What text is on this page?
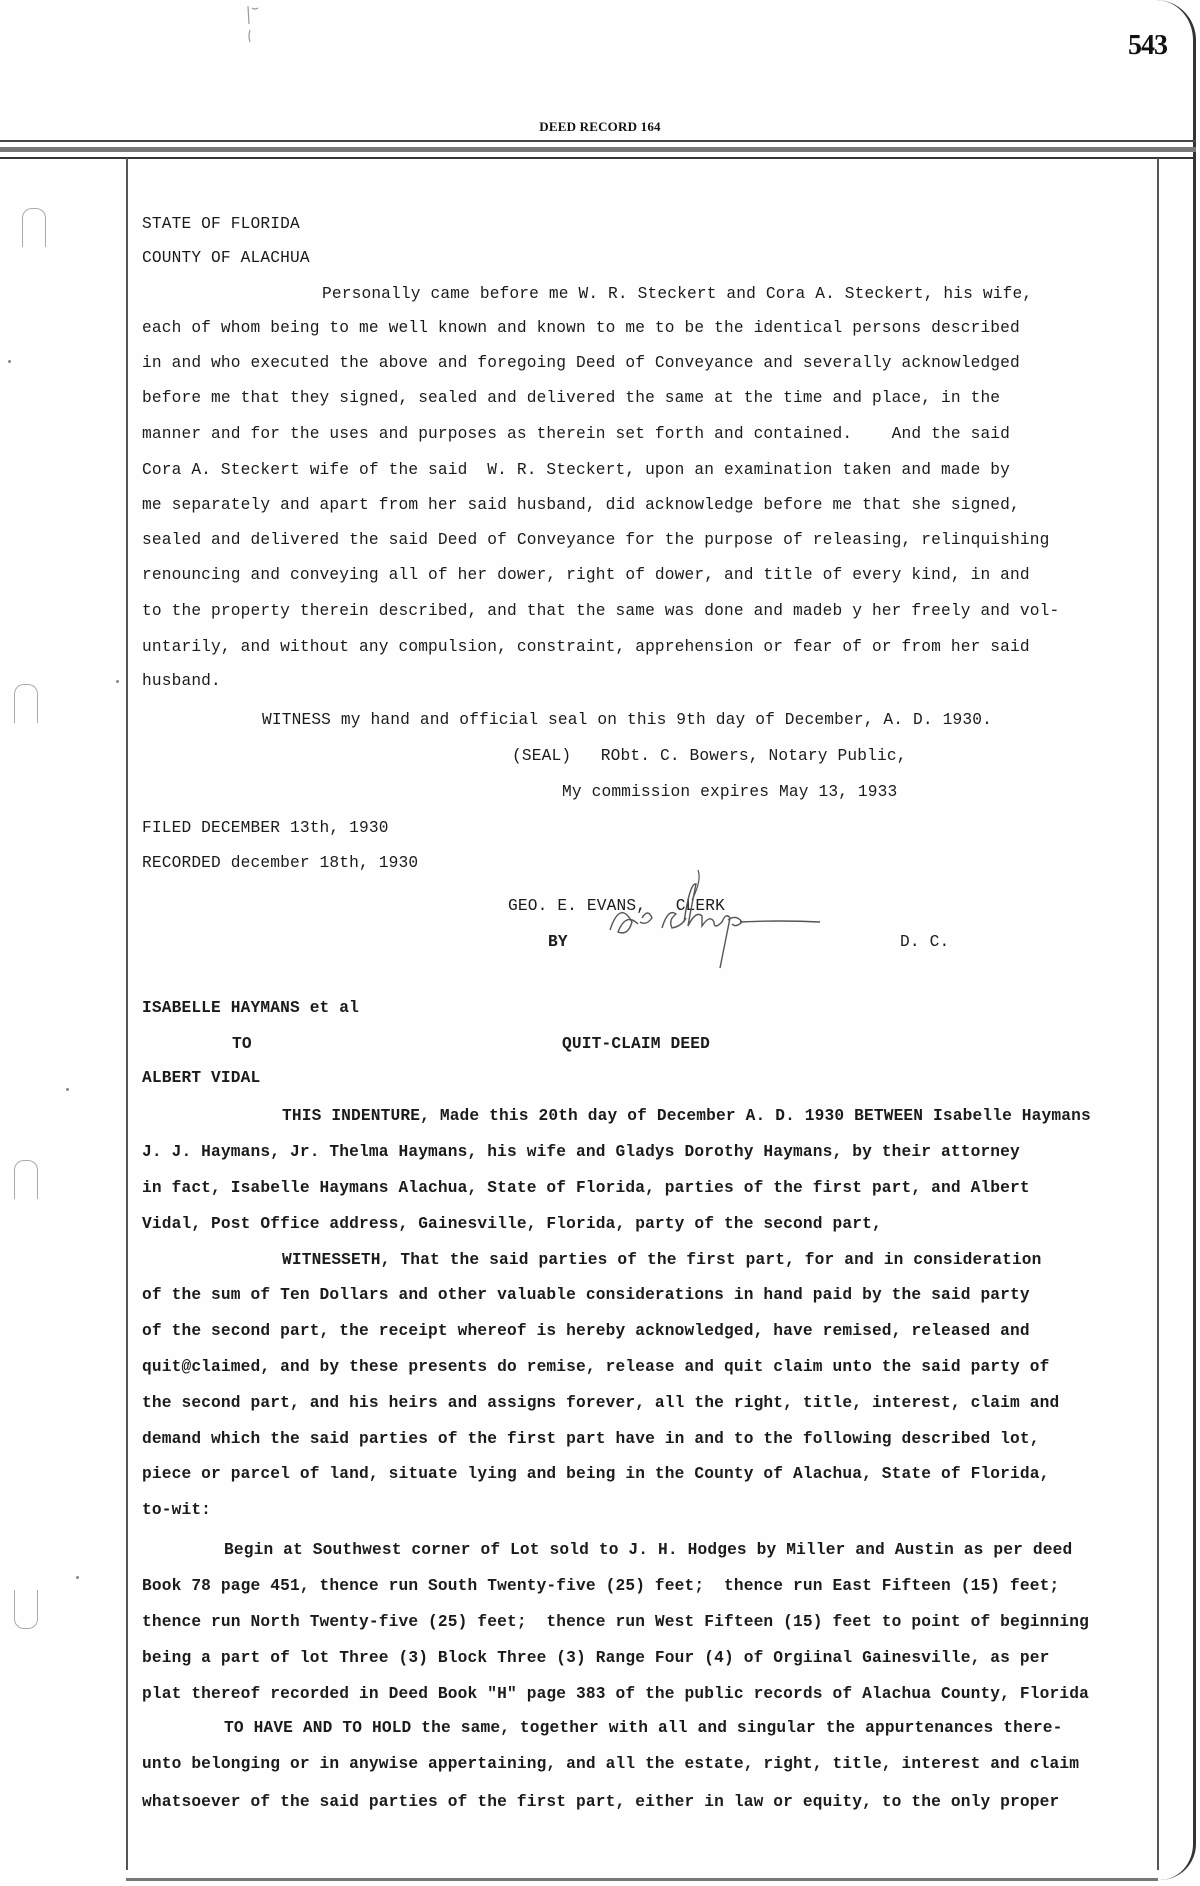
543
DEED RECORD 164
STATE OF FLORIDA
COUNTY OF ALACHUA
Personally came before me W. R. Steckert and Cora A. Steckert, his wife,
each of whom being to me well known and known to me to be the identical persons described
in and who executed the above and foregoing Deed of Conveyance and severally acknowledged
before me that they signed, sealed and delivered the same at the time and place, in the
manner and for the uses and purposes as therein set forth and contained.    And the said
Cora A. Steckert wife of the said  W. R. Steckert, upon an examination taken and made by
me separately and apart from her said husband, did acknowledge before me that she signed,
sealed and delivered the said Deed of Conveyance for the purpose of releasing, relinquishing
renouncing and conveying all of her dower, right of dower, and title of every kind, in and
to the property therein described, and that the same was done and madeb y her freely and vol-
untarily, and without any compulsion, constraint, apprehension or fear of or from her said
husband.
WITNESS my hand and official seal on this 9th day of December, A. D. 1930.
(SEAL)   RObt. C. Bowers, Notary Public,
My commission expires May 13, 1933
FILED DECEMBER 13th, 1930
RECORDED december 18th, 1930
GEO. E. EVANS,   CLERK
BY	D. C.
ISABELLE HAYMANS et al
TO	QUIT-CLAIM DEED
ALBERT VIDAL
THIS INDENTURE, Made this 20th day of December A. D. 1930 BETWEEN Isabelle Haymans
J. J. Haymans, Jr. Thelma Haymans, his wife and Gladys Dorothy Haymans, by their attorney
in fact, Isabelle Haymans Alachua, State of Florida, parties of the first part, and Albert
Vidal, Post Office address, Gainesville, Florida, party of the second part,
WITNESSETH, That the said parties of the first part, for and in consideration
of the sum of Ten Dollars and other valuable considerations in hand paid by the said party
of the second part, the receipt whereof is hereby acknowledged, have remised, released and
quit@claimed, and by these presents do remise, release and quit claim unto the said party of
the second part, and his heirs and assigns forever, all the right, title, interest, claim and
demand which the said parties of the first part have in and to the following described lot,
piece or parcel of land, situate lying and being in the County of Alachua, State of Florida,
to-wit:
Begin at Southwest corner of Lot sold to J. H. Hodges by Miller and Austin as per deed
Book 78 page 451, thence run South Twenty-five (25) feet;  thence run East Fifteen (15) feet;
thence run North Twenty-five (25) feet;  thence run West Fifteen (15) feet to point of beginning
being a part of lot Three (3) Block Three (3) Range Four (4) of Orgiinal Gainesville, as per
plat thereof recorded in Deed Book "H" page 383 of the public records of Alachua County, Florida
TO HAVE AND TO HOLD the same, together with all and singular the appurtenances there-
unto belonging or in anywise appertaining, and all the estate, right, title, interest and claim
whatsoever of the said parties of the first part, either in law or equity, to the only proper
